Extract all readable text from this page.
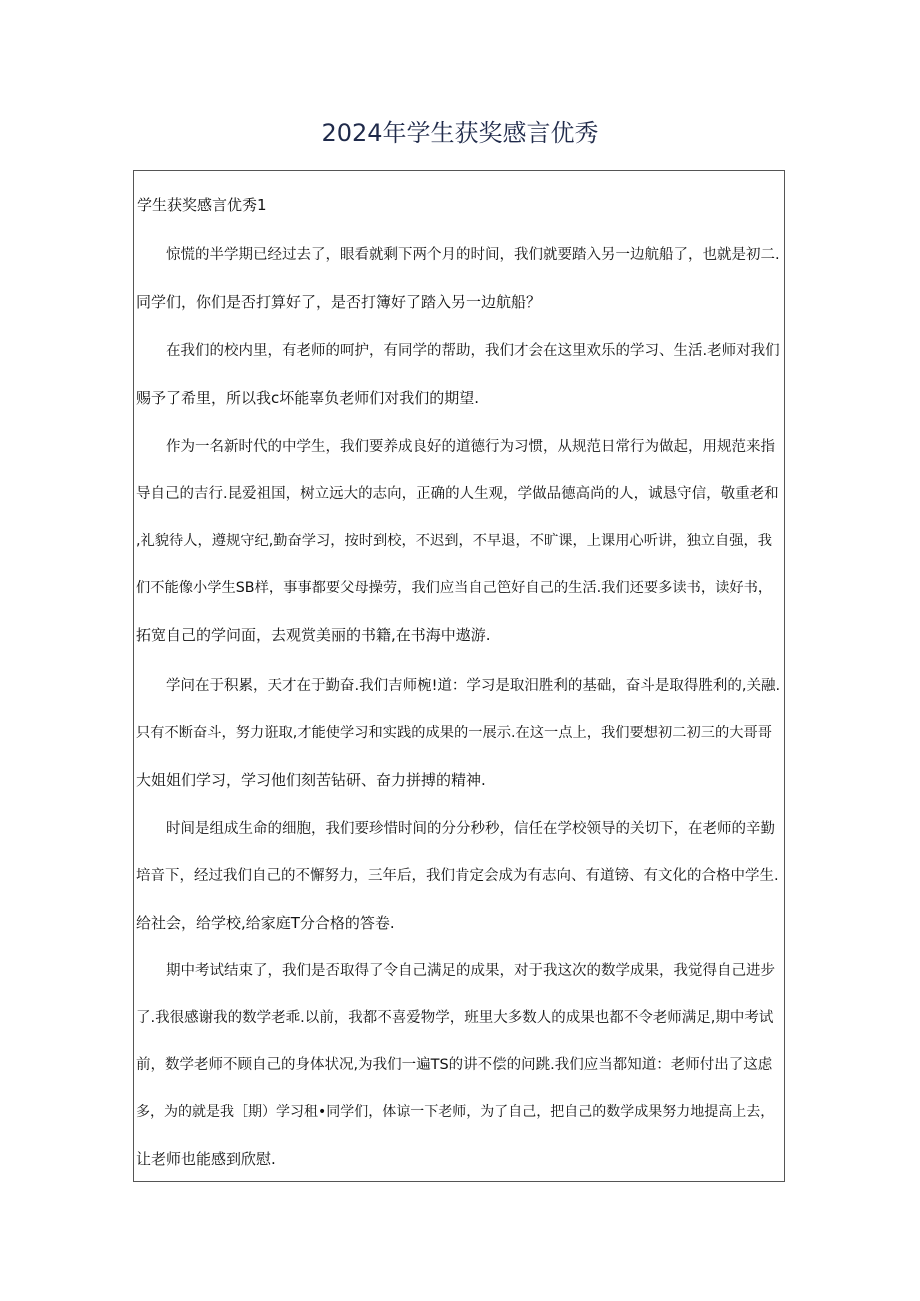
2024年学生获奖感言优秀
学生获奖感言优秀1
惊慌的半学期已经过去了，眼看就剩下两个月的时间，我们就要踏入另一边航船了，也就是初二.
同学们，你们是否打算好了，是否打簿好了踏入另一边航船？
在我们的校内里，有老师的呵护，有同学的帮助，我们才会在这里欢乐的学习、生活.老师对我们
赐予了希里，所以我c坏能辜负老师们对我们的期望.
作为一名新时代的中学生，我们要养成良好的道德行为习惯，从规范日常行为做起，用规范来指
导自己的吉行.昆爱祖国，树立远大的志向，正确的人生观，学做品德高尚的人，诚恳守信，敬重老和
,礼貌待人，遵规守纪,勤奋学习，按时到校，不迟到，不早退，不旷课，上课用心听讲，独立自强，我
们不能像小学生SB样，事事都要父母操劳，我们应当自己笆好自己的生活.我们还要多读书，读好书，
拓宽自己的学问面，去观赏美丽的书籍,在书海中遨游.
学问在于积累，天才在于勤奋.我们吉师椀!道：学习是取汨胜利的基础，奋斗是取得胜利的,关融.
只有不断奋斗，努力诳取,才能使学习和实践的成果的一展示.在这一点上，我们要想初二初三的大哥哥
大姐姐们学习，学习他们刻苦钻研、奋力拼搏的精神.
时间是组成生命的细胞，我们要珍惜时间的分分秒秒，信任在学校领导的关切下，在老师的辛勤
培音下，经过我们自己的不懈努力，三年后，我们肯定会成为有志向、有道镑、有文化的合格中学生.
给社会，给学校,给家庭T分合格的答卷.
期中考试结束了，我们是否取得了令自己满足的成果，对于我这次的数学成果，我觉得自己进步
了.我很感谢我的数学老乖.以前，我都不喜爱物学，班里大多数人的成果也都不令老师满足,期中考试
前，数学老师不顾自己的身体状况,为我们一遍TS的讲不偿的问跳.我们应当都知道：老师付出了这虑
多，为的就是我［期）学习租•同学们，体谅一下老师，为了自己，把自己的数学成果努力地提高上去，
让老师也能感到欣慰.
